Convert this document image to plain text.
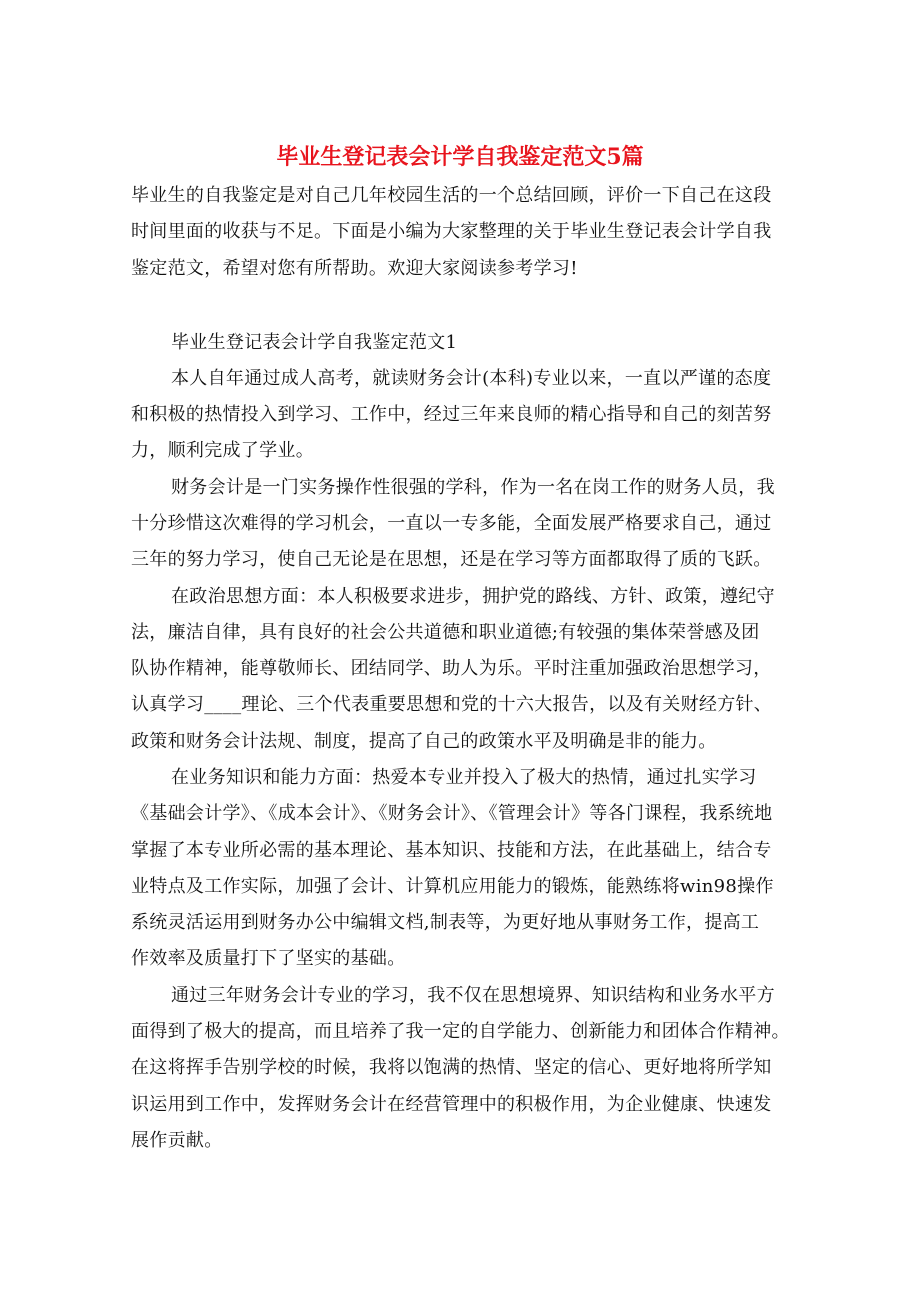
毕业生登记表会计学自我鉴定范文5篇
毕业生的自我鉴定是对自己几年校园生活的一个总结回顾，评价一下自己在这段
时间里面的收获与不足。下面是小编为大家整理的关于毕业生登记表会计学自我
鉴定范文，希望对您有所帮助。欢迎大家阅读参考学习!
毕业生登记表会计学自我鉴定范文1
本人自年通过成人高考，就读财务会计(本科)专业以来，一直以严谨的态度
和积极的热情投入到学习、工作中，经过三年来良师的精心指导和自己的刻苦努
力，顺利完成了学业。
财务会计是一门实务操作性很强的学科，作为一名在岗工作的财务人员，我
十分珍惜这次难得的学习机会，一直以一专多能，全面发展严格要求自己，通过
三年的努力学习，使自己无论是在思想，还是在学习等方面都取得了质的飞跃。
在政治思想方面：本人积极要求进步，拥护党的路线、方针、政策，遵纪守
法，廉洁自律，具有良好的社会公共道德和职业道德;有较强的集体荣誉感及团
队协作精神，能尊敬师长、团结同学、助人为乐。平时注重加强政治思想学习，
认真学习____理论、三个代表重要思想和党的十六大报告，以及有关财经方针、
政策和财务会计法规、制度，提高了自己的政策水平及明确是非的能力。
在业务知识和能力方面：热爱本专业并投入了极大的热情，通过扎实学习
《基础会计学》、《成本会计》、《财务会计》、《管理会计》等各门课程，我系统地
掌握了本专业所必需的基本理论、基本知识、技能和方法，在此基础上，结合专
业特点及工作实际，加强了会计、计算机应用能力的锻炼，能熟练将win98操作
系统灵活运用到财务办公中编辑文档,制表等，为更好地从事财务工作，提高工
作效率及质量打下了坚实的基础。
通过三年财务会计专业的学习，我不仅在思想境界、知识结构和业务水平方
面得到了极大的提高，而且培养了我一定的自学能力、创新能力和团体合作精神。
在这将挥手告别学校的时候，我将以饱满的热情、坚定的信心、更好地将所学知
识运用到工作中，发挥财务会计在经营管理中的积极作用，为企业健康、快速发
展作贡献。
